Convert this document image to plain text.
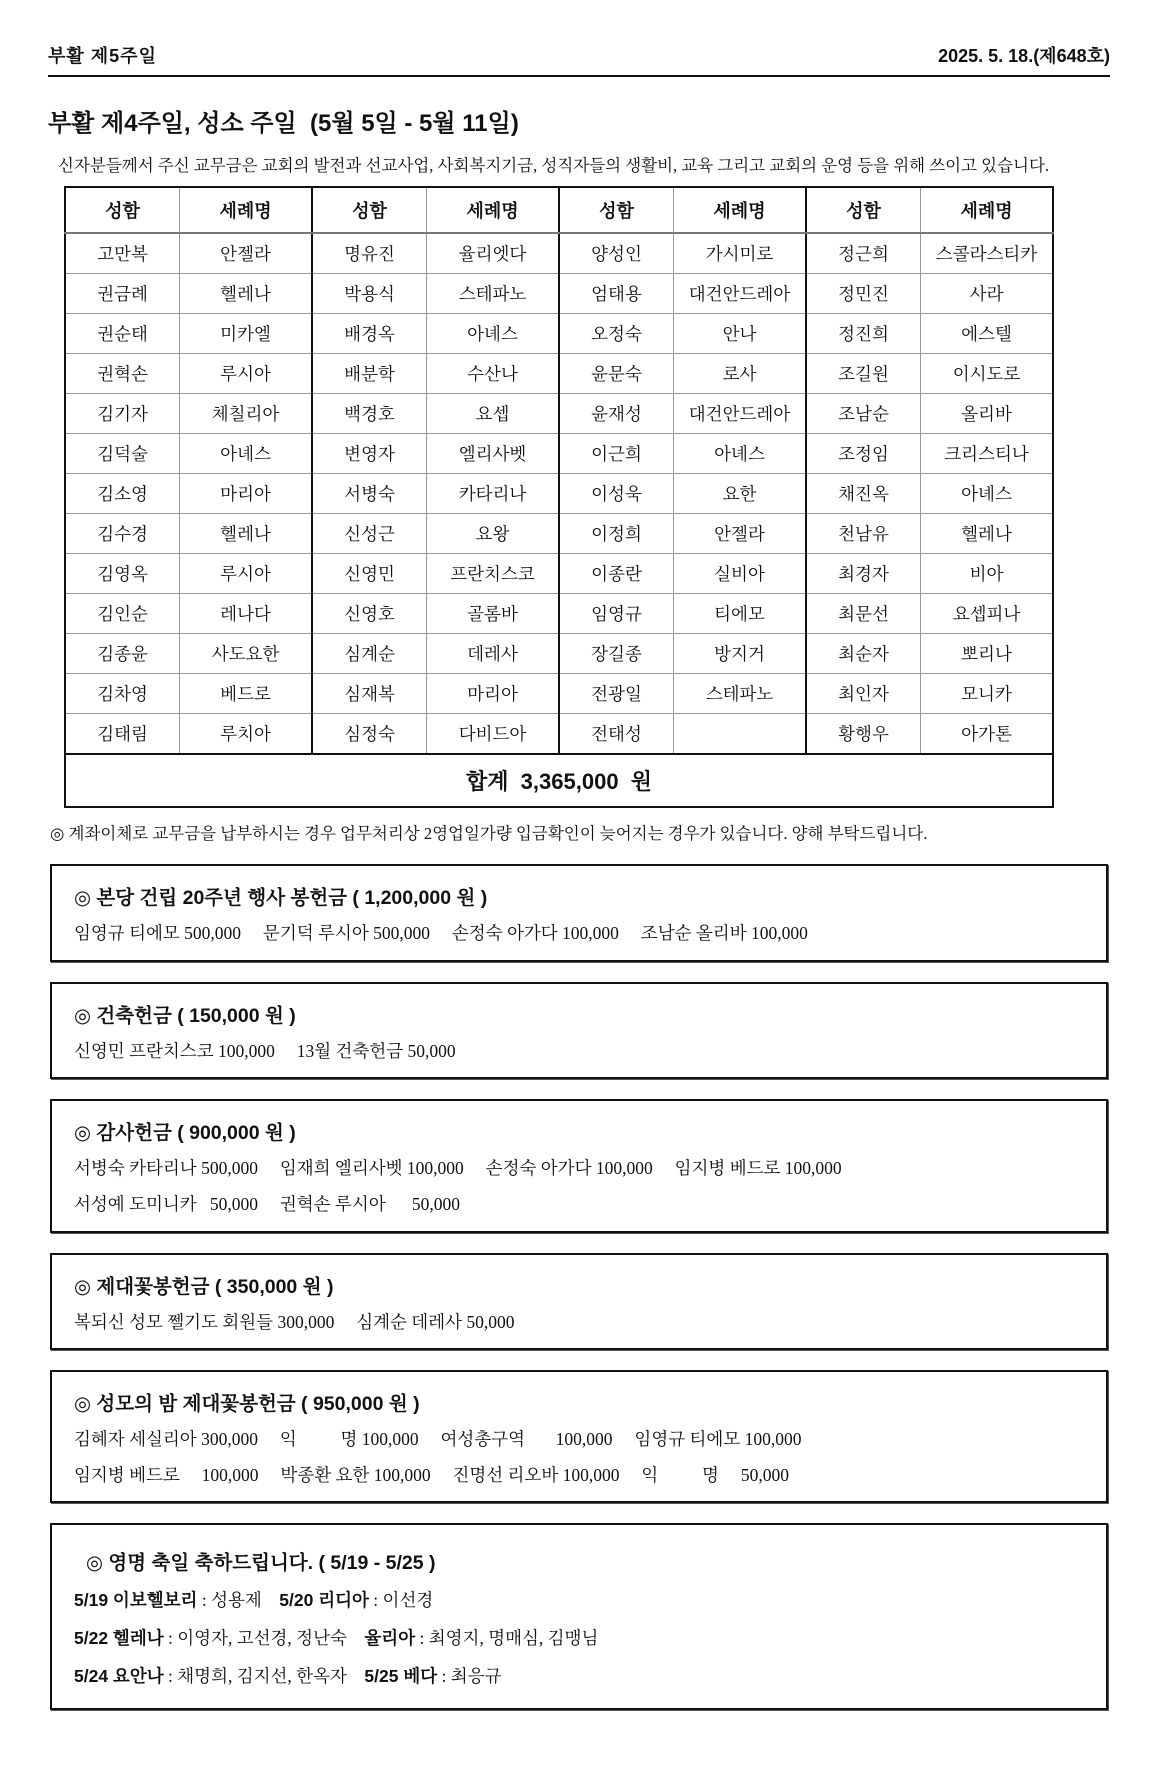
부활 제5주일	2025. 5. 18.(제648호)
부활 제4주일, 성소 주일  (5월 5일 - 5월 11일)

신자분들께서 주신 교무금은 교회의 발전과 선교사업, 사회복지기금, 성직자들의 생활비, 교육 그리고 교회의 운영 등을 위해 쓰이고 있습니다.

성함	세례명	성함	세례명	성함	세례명	성함	세례명
고만복	안젤라	명유진	율리엣다	양성인	가시미로	정근희	스콜라스티카
권금례	헬레나	박용식	스테파노	엄태용	대건안드레아	정민진	사라
권순태	미카엘	배경옥	아녜스	오정숙	안나	정진희	에스텔
권혁손	루시아	배분학	수산나	윤문숙	로사	조길원	이시도로
김기자	체칠리아	백경호	요셉	윤재성	대건안드레아	조남순	올리바
김덕술	아녜스	변영자	엘리사벳	이근희	아녜스	조정임	크리스티나
김소영	마리아	서병숙	카타리나	이성욱	요한	채진옥	아녜스
김수경	헬레나	신성근	요왕	이정희	안젤라	천남유	헬레나
김영옥	루시아	신영민	프란치스코	이종란	실비아	최경자	비아
김인순	레나다	신영호	골롬바	임영규	티에모	최문선	요셉피나
김종윤	사도요한	심계순	데레사	장길종	방지거	최순자	뽀리나
김차영	베드로	심재복	마리아	전광일	스테파노	최인자	모니카
김태림	루치아	심정숙	다비드아	전태성		황행우	아가톤
합계  3,365,000  원							

◎ 계좌이체로 교무금을 납부하시는 경우 업무처리상 2영업일가량 입금확인이 늦어지는 경우가 있습니다. 양해 부탁드립니다.

◎ 본당 건립 20주년 행사 봉헌금 ( 1,200,000 원 )

임영규 티에모 500,000     문기덕 루시아 500,000     손정숙 아가다 100,000     조남순 올리바 100,000

◎ 건축헌금 ( 150,000 원 )

신영민 프란치스코 100,000     13월 건축헌금 50,000

◎ 감사헌금 ( 900,000 원 )

서병숙 카타리나 500,000     임재희 엘리사벳 100,000     손정숙 아가다 100,000     임지병 베드로 100,000

서성예 도미니카   50,000     권혁손 루시아      50,000

◎ 제대꽃봉헌금 ( 350,000 원 )

복되신 성모 쩰기도 회원들 300,000     심계순 데레사 50,000

◎ 성모의 밤 제대꽃봉헌금 ( 950,000 원 )

김혜자 세실리아 300,000     익          명 100,000     여성총구역       100,000     임영규 티에모 100,000

임지병 베드로     100,000     박종환 요한 100,000     진명선 리오바 100,000     익          명     50,000

◎ 영명 축일 축하드립니다. ( 5/19 - 5/25 )

5/19 이보헬보리 : 성용제    5/20 리디아 : 이선경

5/22 헬레나 : 이영자, 고선경, 정난숙    율리아 : 최영지, 명매심, 김맹님

5/24 요안나 : 채명희, 김지선, 한옥자    5/25 베다 : 최응규
